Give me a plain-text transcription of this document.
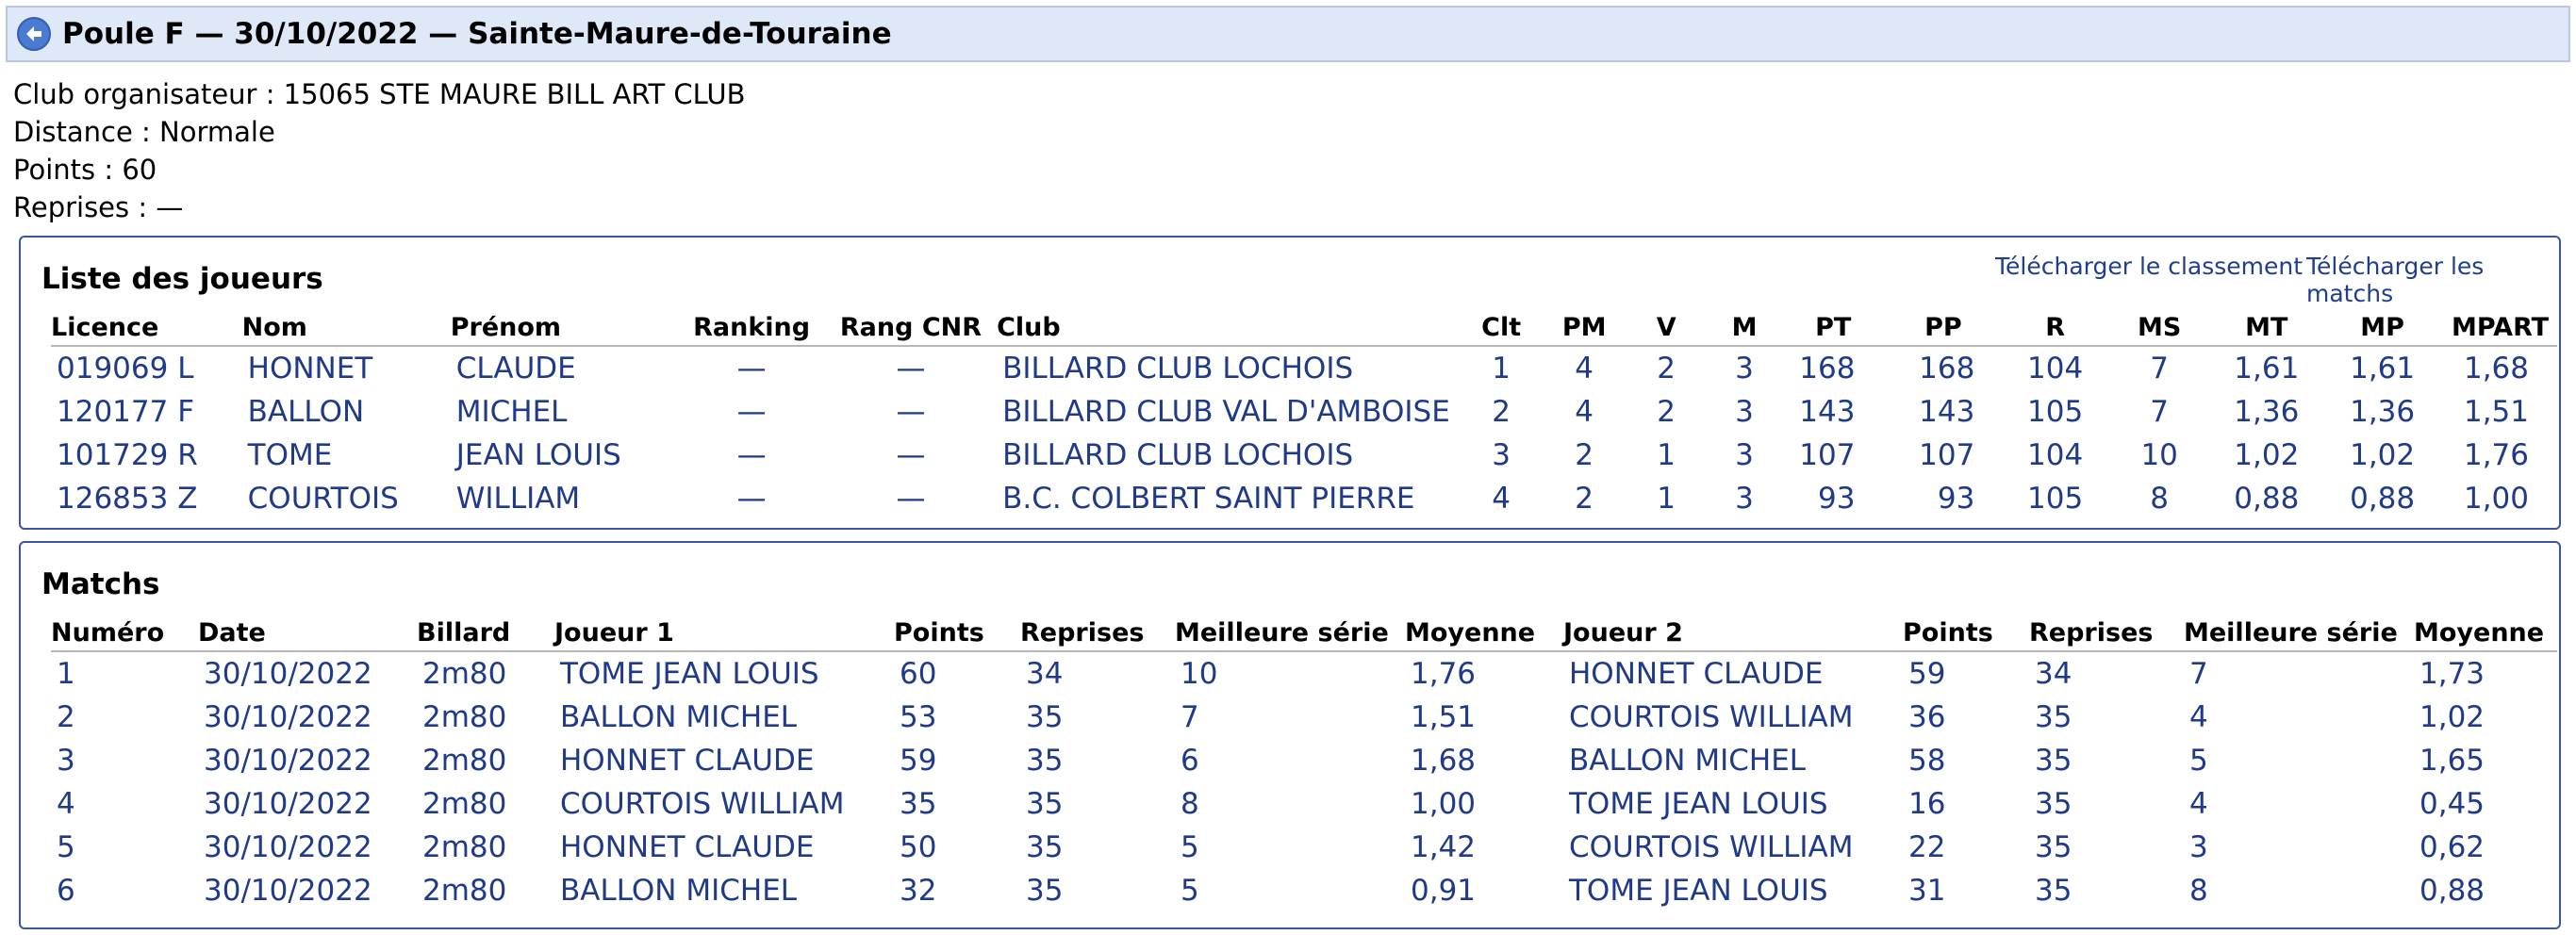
Poule F — 30/10/2022 — Sainte-Maure-de-Touraine
Club organisateur : 15065 STE MAURE BILL ART CLUB
Distance : Normale
Points : 60
Reprises : —
Liste des joueurs	Télécharger le classement Télécharger les matchs
Licence	Nom	Prénom	Ranking	Rang CNR	Club	Clt	PM	V	M	PT	PP	R	MS	MT	MP	MPART
019069 L	HONNET	CLAUDE	—	—	BILLARD CLUB LOCHOIS	1	4	2	3	168	168	104	7	1,61	1,61	1,68
120177 F	BALLON	MICHEL	—	—	BILLARD CLUB VAL D'AMBOISE	2	4	2	3	143	143	105	7	1,36	1,36	1,51
101729 R	TOME	JEAN LOUIS	—	—	BILLARD CLUB LOCHOIS	3	2	1	3	107	107	104	10	1,02	1,02	1,76
126853 Z	COURTOIS	WILLIAM	—	—	B.C. COLBERT SAINT PIERRE	4	2	1	3	93	93	105	8	0,88	0,88	1,00
Matchs
Numéro	Date	Billard	Joueur 1	Points	Reprises	Meilleure série	Moyenne	Joueur 2	Points	Reprises	Meilleure série	Moyenne
1	30/10/2022	2m80	TOME JEAN LOUIS	60	34	10	1,76	HONNET CLAUDE	59	34	7	1,73
2	30/10/2022	2m80	BALLON MICHEL	53	35	7	1,51	COURTOIS WILLIAM	36	35	4	1,02
3	30/10/2022	2m80	HONNET CLAUDE	59	35	6	1,68	BALLON MICHEL	58	35	5	1,65
4	30/10/2022	2m80	COURTOIS WILLIAM	35	35	8	1,00	TOME JEAN LOUIS	16	35	4	0,45
5	30/10/2022	2m80	HONNET CLAUDE	50	35	5	1,42	COURTOIS WILLIAM	22	35	3	0,62
6	30/10/2022	2m80	BALLON MICHEL	32	35	5	0,91	TOME JEAN LOUIS	31	35	8	0,88
